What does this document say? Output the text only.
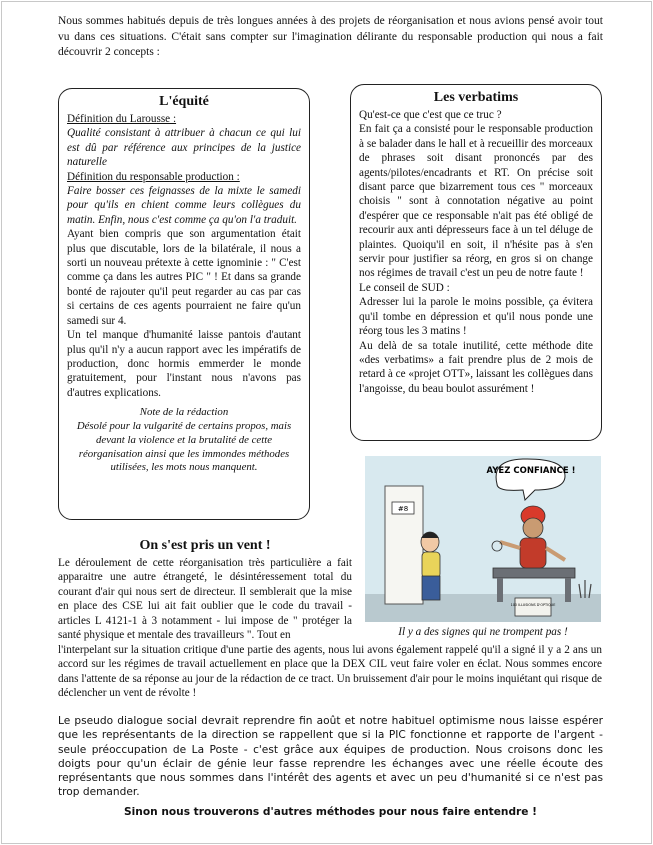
Nous sommes habitués depuis de très longues années à des projets de réorganisation et nous avions pensé avoir tout vu dans ces situations. C'était sans compter sur l'imagination délirante du responsable production qui nous a fait découvrir 2 concepts :
L'équité

Définition du Larousse :

Qualité consistant à attribuer à chacun ce qui lui est dû par référence aux principes de la justice naturelle

Définition du responsable production :

Faire bosser ces feignasses de la mixte le samedi pour qu'ils en chient comme leurs collègues du matin. Enfin, nous c'est comme ça qu'on l'a traduit.

Ayant bien compris que son argumentation était plus que discutable, lors de la bilatérale, il nous a sorti un nouveau prétexte à cette ignominie : " C'est comme ça dans les autres PIC " ! Et dans sa grande bonté de rajouter qu'il peut regarder au cas par cas si certains de ces agents pourraient ne faire qu'un samedi sur 4.

Un tel manque d'humanité laisse pantois d'autant plus qu'il n'y a aucun rapport avec les impératifs de production, donc hormis emmerder le monde gratuitement, pour l'instant nous n'avons pas d'autres explications.

Note de la rédaction
Désolé pour la vulgarité de certains propos, mais devant la violence et la brutalité de cette réorganisation ainsi que les immondes méthodes utilisées, les mots nous manquent.
Les verbatims

Qu'est-ce que c'est que ce truc ?

En fait ça a consisté pour le responsable production à se balader dans le hall et à recueillir des morceaux de phrases soit disant prononcés par des agents/pilotes/encadrants et RT. On précise soit disant parce que bizarrement tous ces " morceaux choisis " sont à connotation négative au point d'espérer que ce responsable n'ait pas été obligé de recourir aux anti dépresseurs face à un tel déluge de plaintes. Quoiqu'il en soit, il n'hésite pas à s'en servir pour justifier sa réorg, en gros si on change nos régimes de travail c'est un peu de notre faute !

Le conseil de SUD :

Adresser lui la parole le moins possible, ça évitera qu'il tombe en dépression et qu'il nous ponde une réorg tous les 3 matins !

Au delà de sa totale inutilité, cette méthode dite «des verbatims» a fait prendre plus de 2 mois de retard à ce «projet OTT», laissant les collègues dans l'angoisse, du beau boulot assurément !

On s'est pris un vent !
Le déroulement de cette réorganisation très particulière a fait apparaitre une autre étrangeté, le désintéressement total du courant d'air qui nous sert de directeur. Il semblerait que la mise en place des CSE lui ait fait oublier que le code du travail - articles L 4121-1 à 3 notamment - lui impose de " protéger la santé physique et mentale des travailleurs ". Tout en
l'interpelant sur la situation critique d'une partie des agents, nous lui avons également rappelé qu'il a signé il y a 2 ans un accord sur les régimes de travail actuellement en place que la DEX CIL veut faire voler en éclat. Nous sommes encore dans l'attente de sa réponse au jour de la rédaction de ce tract. Un bruissement d'air pour le moins inquiétant qui risque de déclencher un vent de révolte !
#8
AYEZ CONFIANCE !
100 ILLUSIONS D'OPTIQUE
Il y a des signes qui ne trompent pas !
Le pseudo dialogue social devrait reprendre fin août et notre habituel optimisme nous laisse espérer que les représentants de la direction se rappellent que si la PIC fonctionne et rapporte de l'argent - seule préoccupation de La Poste - c'est grâce aux équipes de production. Nous croisons donc les doigts pour qu'un éclair de génie leur fasse reprendre les échanges avec une réelle écoute des représentants que nous sommes dans l'intérêt des agents et avec un peu d'humanité si ce n'est pas trop demander.
Sinon nous trouverons d'autres méthodes pour nous faire entendre !
